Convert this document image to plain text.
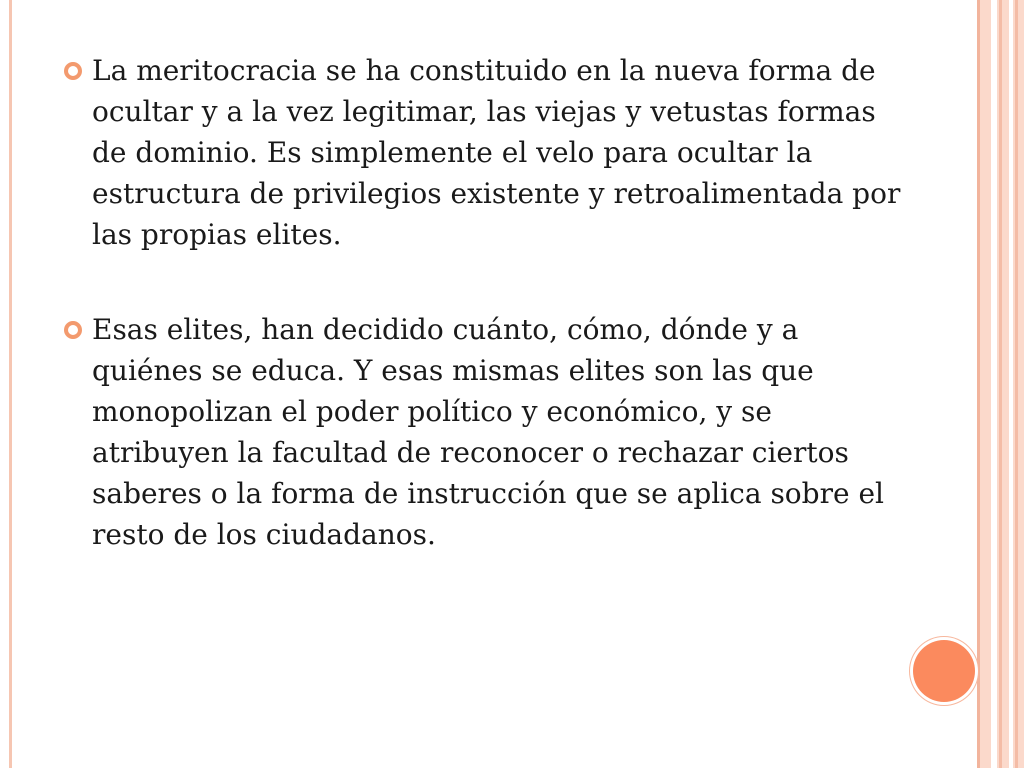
La meritocracia se ha constituido en la nueva forma de ocultar y a la vez legitimar, las viejas y vetustas formas de dominio. Es simplemente el velo para ocultar la estructura de privilegios existente y retroalimentada por las propias elites.
Esas elites, han decidido cuánto, cómo, dónde y a quiénes se educa. Y esas mismas elites son las que monopolizan el poder político y económico, y se atribuyen la facultad de reconocer o rechazar ciertos saberes o la forma de instrucción que se aplica sobre el resto de los ciudadanos.
